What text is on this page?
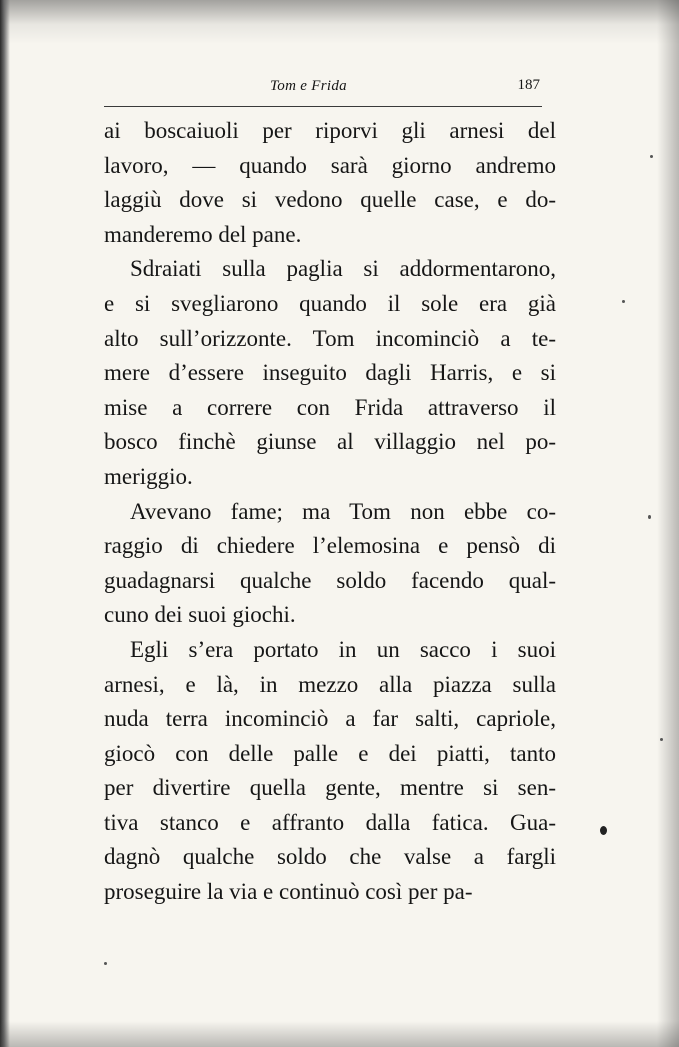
Tom e Frida	187
ai boscaiuoli per riporvi gli arnesi del
lavoro, — quando sarà giorno andremo
laggiù dove si vedono quelle case, e do-
manderemo del pane.
Sdraiati sulla paglia si addormentarono,
e si svegliarono quando il sole era già
alto sull’orizzonte. Tom incominciò a te-
mere d’essere inseguito dagli Harris, e si
mise a correre con Frida attraverso il
bosco finchè giunse al villaggio nel po-
meriggio.
Avevano fame; ma Tom non ebbe co-
raggio di chiedere l’elemosina e pensò di
guadagnarsi qualche soldo facendo qual-
cuno dei suoi giochi.
Egli s’era portato in un sacco i suoi
arnesi, e là, in mezzo alla piazza sulla
nuda terra incominciò a far salti, capriole,
giocò con delle palle e dei piatti, tanto
per divertire quella gente, mentre si sen-
tiva stanco e affranto dalla fatica. Gua-
dagnò qualche soldo che valse a fargli
proseguire la via e continuò così per pa-
